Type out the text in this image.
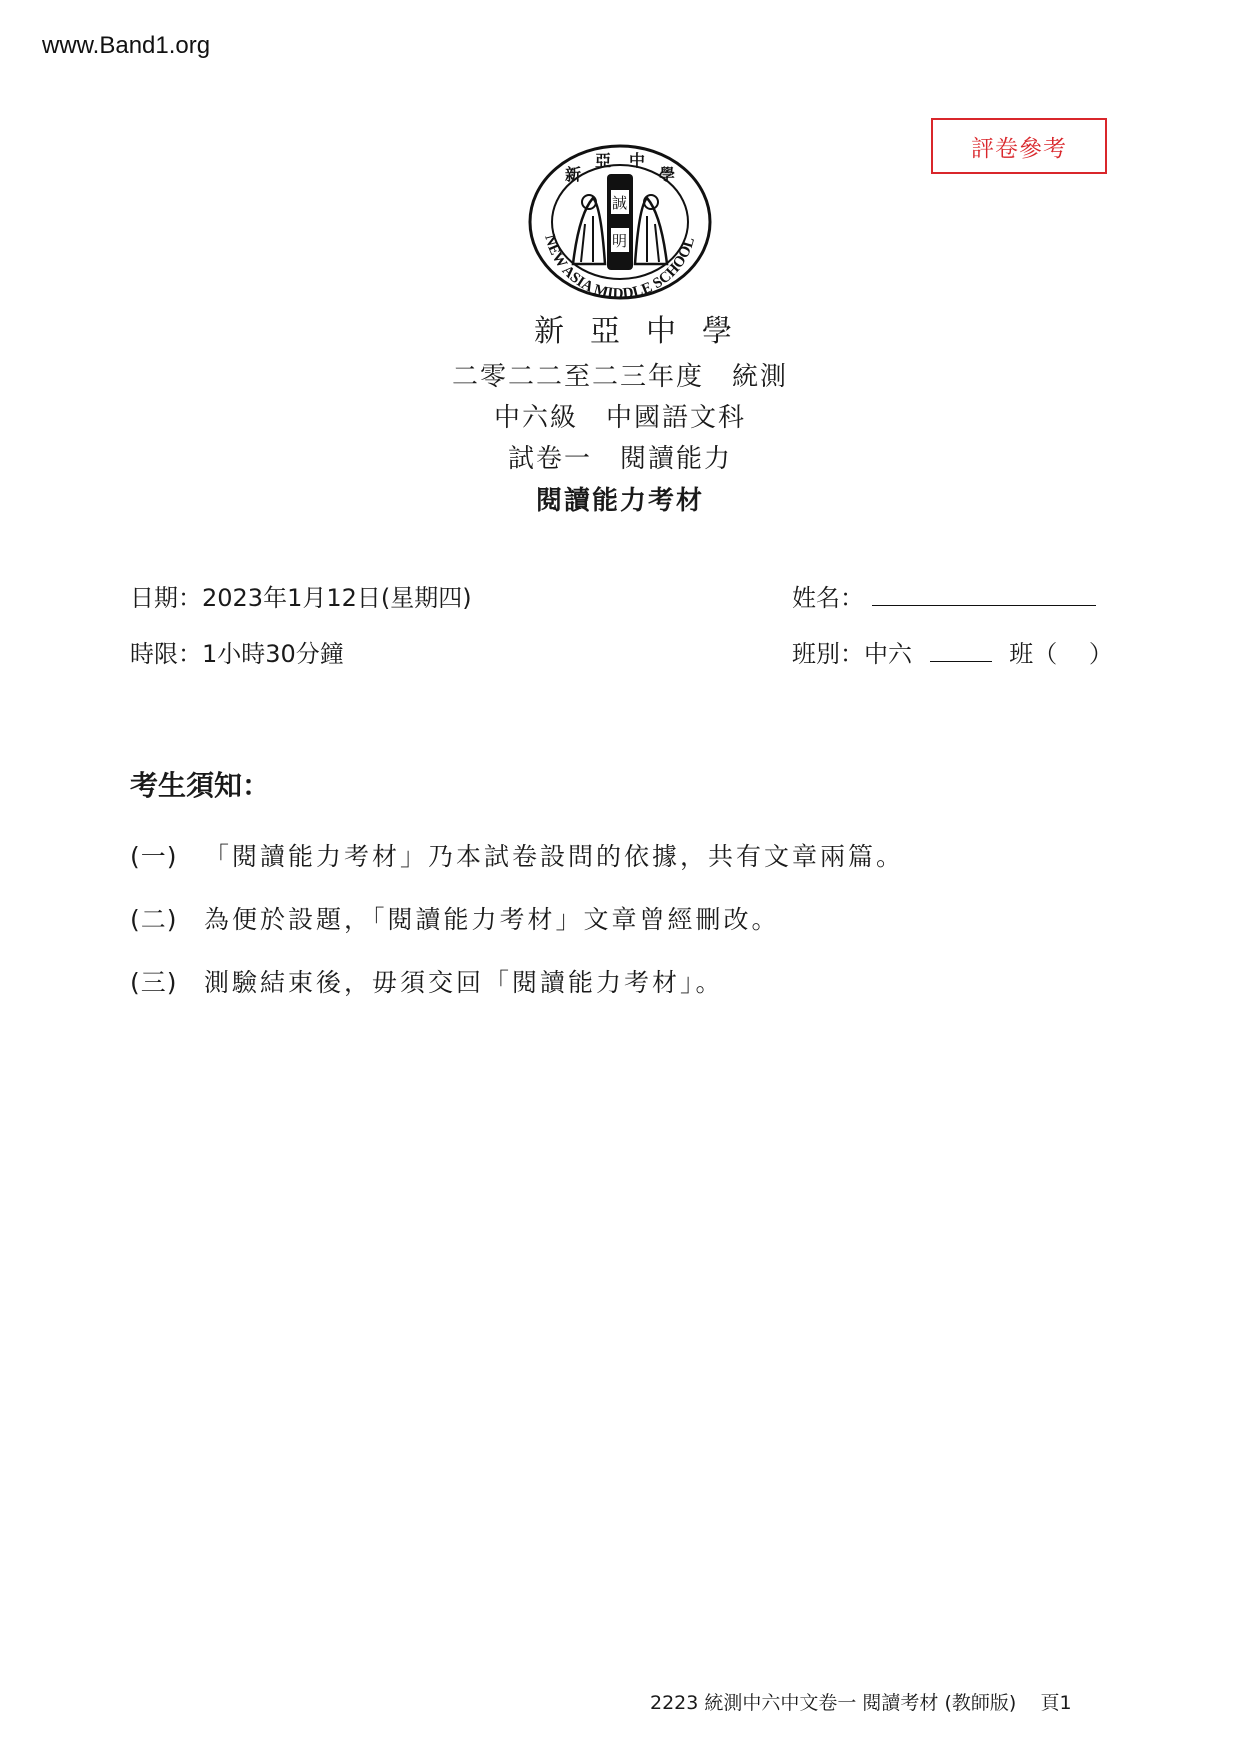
www.Band1.org
評卷參考
NEW ASIA MIDDLE SCHOOL
新
亞 中
學
誠
明
新亞中學
二零二二至二三年度　統測
中六級　中國語文科
試卷一　閱讀能力
閱讀能力考材
日期：2023年1月12日(星期四)
時限：1小時30分鐘
姓名：
班別：中六	班（　 ）
考生須知：
(一) 「閱讀能力考材」乃本試卷設問的依據，共有文章兩篇。
(二) 為便於設題，「閱讀能力考材」文章曾經刪改。
(三) 測驗結束後，毋須交回「閱讀能力考材」。
2223 統測中六中文卷一 閱讀考材 (教師版)    頁1
